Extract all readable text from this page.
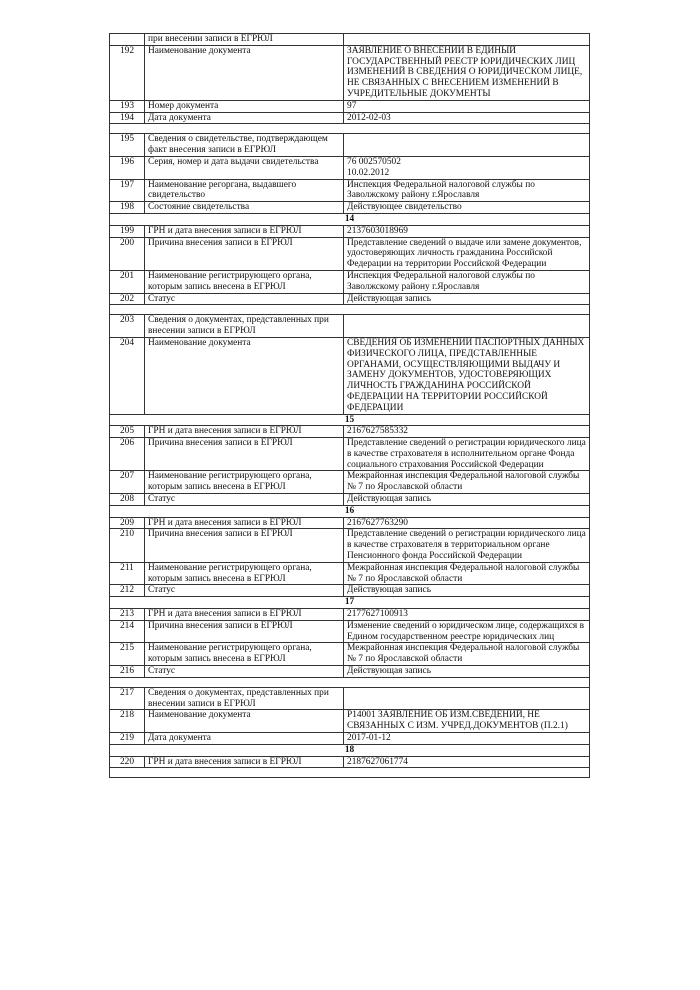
	при внесении записи в ЕГРЮЛ	
192	Наименование документа	ЗАЯВЛЕНИЕ О ВНЕСЕНИИ В ЕДИНЫЙ ГОСУДАРСТВЕННЫЙ РЕЕСТР ЮРИДИЧЕСКИХ ЛИЦ ИЗМЕНЕНИЙ В СВЕДЕНИЯ О ЮРИДИЧЕСКОМ ЛИЦЕ, НЕ СВЯЗАННЫХ С ВНЕСЕНИЕМ ИЗМЕНЕНИЙ В УЧРЕДИТЕЛЬНЫЕ ДОКУМЕНТЫ
193	Номер документа	97
194	Дата документа	2012-02-03

195	Сведения о свидетельстве, подтверждающем факт внесения записи в ЕГРЮЛ	
196	Серия, номер и дата выдачи свидетельства	76 002570502
10.02.2012
197	Наименование регоргана, выдавшего свидетельство	Инспекция Федеральной налоговой службы по Заволжскому району г.Ярославля
198	Состояние свидетельства	Действующее свидетельство
14		
199	ГРН и дата внесения записи в ЕГРЮЛ	2137603018969
200	Причина внесения записи в ЕГРЮЛ	Представление сведений о выдаче или замене документов, удостоверяющих личность гражданина Российской Федерации на территории Российской Федерации
201	Наименование регистрирующего органа, которым запись внесена в ЕГРЮЛ	Инспекция Федеральной налоговой службы по Заволжскому району г.Ярославля
202	Статус	Действующая запись

203	Сведения о документах, представленных при внесении записи в ЕГРЮЛ	
204	Наименование документа	СВЕДЕНИЯ ОБ ИЗМЕНЕНИИ ПАСПОРТНЫХ ДАННЫХ ФИЗИЧЕСКОГО ЛИЦА, ПРЕДСТАВЛЕННЫЕ ОРГАНАМИ, ОСУЩЕСТВЛЯЮЩИМИ ВЫДАЧУ И ЗАМЕНУ ДОКУМЕНТОВ, УДОСТОВЕРЯЮЩИХ ЛИЧНОСТЬ ГРАЖДАНИНА РОССИЙСКОЙ ФЕДЕРАЦИИ НА ТЕРРИТОРИИ РОССИЙСКОЙ ФЕДЕРАЦИИ
15		
205	ГРН и дата внесения записи в ЕГРЮЛ	2167627585332
206	Причина внесения записи в ЕГРЮЛ	Представление сведений о регистрации юридического лица в качестве страхователя в исполнительном органе Фонда социального страхования Российской Федерации
207	Наименование регистрирующего органа, которым запись внесена в ЕГРЮЛ	Межрайонная инспекция Федеральной налоговой службы № 7 по Ярославской области
208	Статус	Действующая запись
16		
209	ГРН и дата внесения записи в ЕГРЮЛ	2167627763290
210	Причина внесения записи в ЕГРЮЛ	Представление сведений о регистрации юридического лица в качестве страхователя в территориальном органе Пенсионного фонда Российской Федерации
211	Наименование регистрирующего органа, которым запись внесена в ЕГРЮЛ	Межрайонная инспекция Федеральной налоговой службы № 7 по Ярославской области
212	Статус	Действующая запись
17		
213	ГРН и дата внесения записи в ЕГРЮЛ	2177627100913
214	Причина внесения записи в ЕГРЮЛ	Изменение сведений о юридическом лице, содержащихся в Едином государственном реестре юридических лиц
215	Наименование регистрирующего органа, которым запись внесена в ЕГРЮЛ	Межрайонная инспекция Федеральной налоговой службы № 7 по Ярославской области
216	Статус	Действующая запись

217	Сведения о документах, представленных при внесении записи в ЕГРЮЛ	
218	Наименование документа	Р14001 ЗАЯВЛЕНИЕ ОБ ИЗМ.СВЕДЕНИЙ, НЕ СВЯЗАННЫХ С ИЗМ. УЧРЕД.ДОКУМЕНТОВ (П.2.1)
219	Дата документа	2017-01-12
18		
220	ГРН и дата внесения записи в ЕГРЮЛ	2187627061774
